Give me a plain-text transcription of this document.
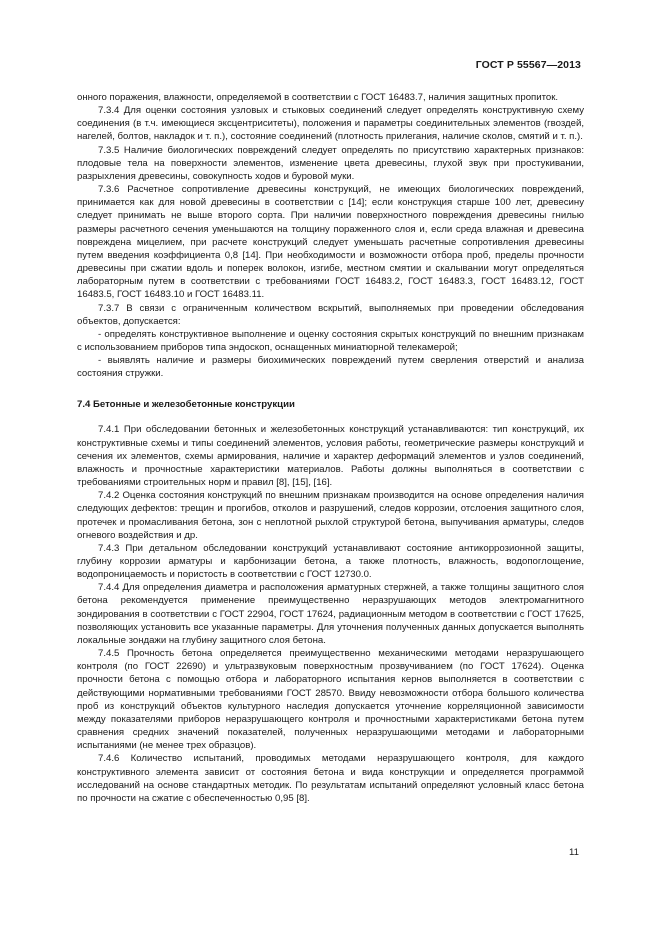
ГОСТ Р 55567—2013

онного поражения, влажности, определяемой в соответствии с ГОСТ 16483.7, наличия защитных пропиток.

7.3.4 Для оценки состояния узловых и стыковых соединений следует определять конструктивную схему соединения (в т.ч. имеющиеся эксцентриситеты), положения и параметры соединительных элементов (гвоздей, нагелей, болтов, накладок и т. п.), состояние соединений (плотность прилегания, наличие сколов, смятий и т. п.).

7.3.5 Наличие биологических повреждений следует определять по присутствию характерных признаков: плодовые тела на поверхности элементов, изменение цвета древесины, глухой звук при простукивании, разрыхления древесины, совокупность ходов и буровой муки.

7.3.6 Расчетное сопротивление древесины конструкций, не имеющих биологических повреждений, принимается как для новой древесины в соответствии с [14]; если конструкция старше 100 лет, древесину следует принимать не выше второго сорта. При наличии поверхностного повреждения древесины гнилью размеры расчетного сечения уменьшаются на толщину пораженного слоя и, если среда влажная и древесина повреждена мицелием, при расчете конструкций следует уменьшать расчетные сопротивления древесины путем введения коэффициента 0,8 [14]. При необходимости и возможности отбора проб, пределы прочности древесины при сжатии вдоль и поперек волокон, изгибе, местном смятии и скалывании могут определяться лабораторным путем в соответствии с требованиями ГОСТ 16483.2, ГОСТ 16483.3, ГОСТ 16483.12, ГОСТ 16483.5, ГОСТ 16483.10 и ГОСТ 16483.11.

7.3.7 В связи с ограниченным количеством вскрытий, выполняемых при проведении обследования объектов, допускается:

- определять конструктивное выполнение и оценку состояния скрытых конструкций по внешним признакам с использованием приборов типа эндоскоп, оснащенных миниатюрной телекамерой;

- выявлять наличие и размеры биохимических повреждений путем сверления отверстий и анализа состояния стружки.

7.4 Бетонные и железобетонные конструкции

7.4.1 При обследовании бетонных и железобетонных конструкций устанавливаются: тип конструкций, их конструктивные схемы и типы соединений элементов, условия работы, геометрические размеры конструкций и сечения их элементов, схемы армирования, наличие и характер деформаций элементов и узлов соединений, влажность и прочностные характеристики материалов. Работы должны выполняться в соответствии с требованиями строительных норм и правил [8], [15], [16].

7.4.2 Оценка состояния конструкций по внешним признакам производится на основе определения наличия следующих дефектов: трещин и прогибов, отколов и разрушений, следов коррозии, отслоения защитного слоя, протечек и промасливания бетона, зон с неплотной рыхлой структурой бетона, выпучивания арматуры, следов огневого воздействия и др.

7.4.3 При детальном обследовании конструкций устанавливают состояние антикоррозионной защиты, глубину коррозии арматуры и карбонизации бетона, а также плотность, влажность, водопоглощение, водопроницаемость и пористость в соответствии с ГОСТ 12730.0.

7.4.4 Для определения диаметра и расположения арматурных стержней, а также толщины защитного слоя бетона рекомендуется применение преимущественно неразрушающих методов электромагнитного зондирования в соответствии с ГОСТ 22904, ГОСТ 17624, радиационным методом в соответствии с ГОСТ 17625, позволяющих установить все указанные параметры. Для уточнения полученных данных допускается выполнять локальные зондажи на глубину защитного слоя бетона.

7.4.5 Прочность бетона определяется преимущественно механическими методами неразрушающего контроля (по ГОСТ 22690) и ультразвуковым поверхностным прозвучиванием (по ГОСТ 17624). Оценка прочности бетона с помощью отбора и лабораторного испытания кернов выполняется в соответствии с действующими нормативными требованиями ГОСТ 28570. Ввиду невозможности отбора большого количества проб из конструкций объектов культурного наследия допускается уточнение корреляционной зависимости между показателями приборов неразрушающего контроля и прочностными характеристиками бетона путем сравнения средних значений показателей, полученных неразрушающими методами и лабораторными испытаниями (не менее трех образцов).

7.4.6 Количество испытаний, проводимых методами неразрушающего контроля, для каждого конструктивного элемента зависит от состояния бетона и вида конструкции и определяется программой исследований на основе стандартных методик. По результатам испытаний определяют условный класс бетона по прочности на сжатие с обеспеченностью 0,95 [8].

11
